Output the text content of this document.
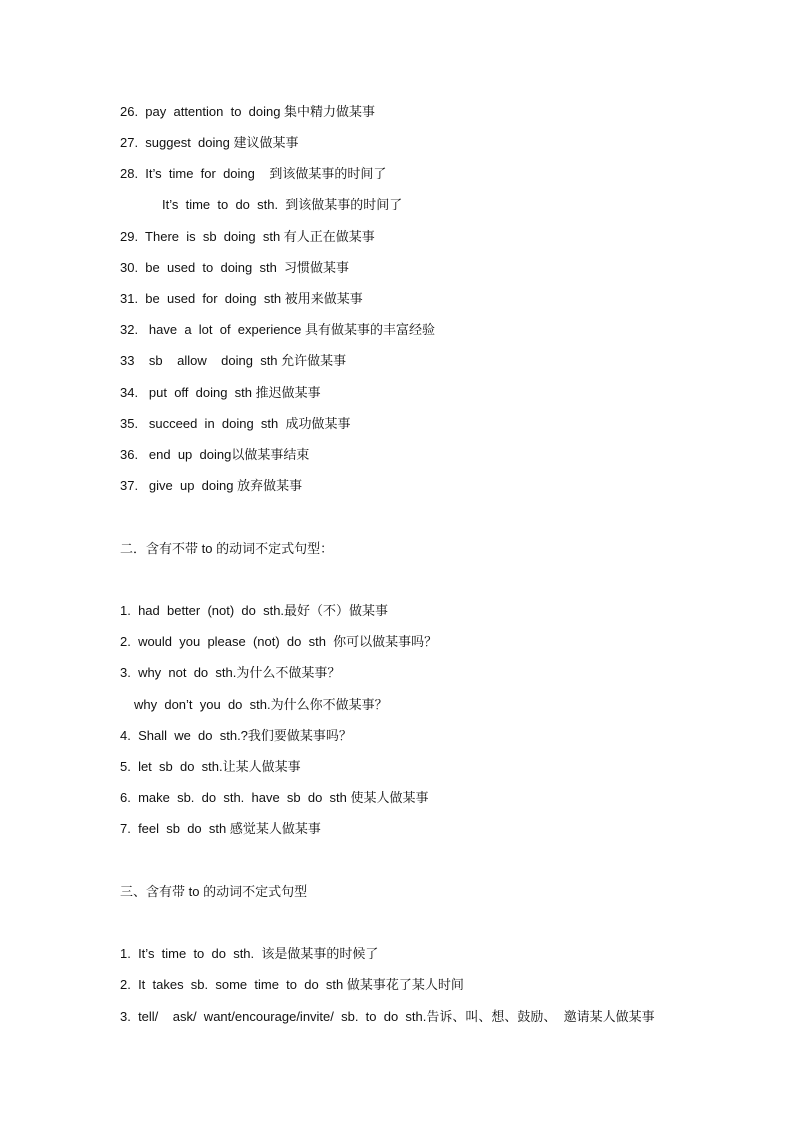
26.  pay  attention  to  doing 集中精力做某事
27.  suggest  doing 建议做某事
28.  It’s  time  for  doing    到该做某事的时间了
It’s  time  to  do  sth.  到该做某事的时间了
29.  There  is  sb  doing  sth 有人正在做某事
30.  be  used  to  doing  sth  习惯做某事
31.  be  used  for  doing  sth 被用来做某事
32.   have  a  lot  of  experience 具有做某事的丰富经验
33    sb    allow    doing  sth 允许做某事
34.   put  off  doing  sth 推迟做某事
35.   succeed  in  doing  sth  成功做某事
36.   end  up  doing以做某事结束
37.   give  up  doing 放弃做某事
二．含有不带 to 的动词不定式句型：
1.  had  better  (not)  do  sth.最好（不）做某事
2.  would  you  please  (not)  do  sth  你可以做某事吗？
3.  why  not  do  sth.为什么不做某事？
why  don’t  you  do  sth.为什么你不做某事？
4.  Shall  we  do  sth.?我们要做某事吗？
5.  let  sb  do  sth.让某人做某事
6.  make  sb.  do  sth.  have  sb  do  sth 使某人做某事
7.  feel  sb  do  sth 感觉某人做某事
三、含有带 to 的动词不定式句型
1.  It’s  time  to  do  sth.  该是做某事的时候了
2.  It  takes  sb.  some  time  to  do  sth 做某事花了某人时间
3.  tell/    ask/  want/encourage/invite/  sb.  to  do  sth.告诉、叫、想、鼓励、  邀请某人做某事
